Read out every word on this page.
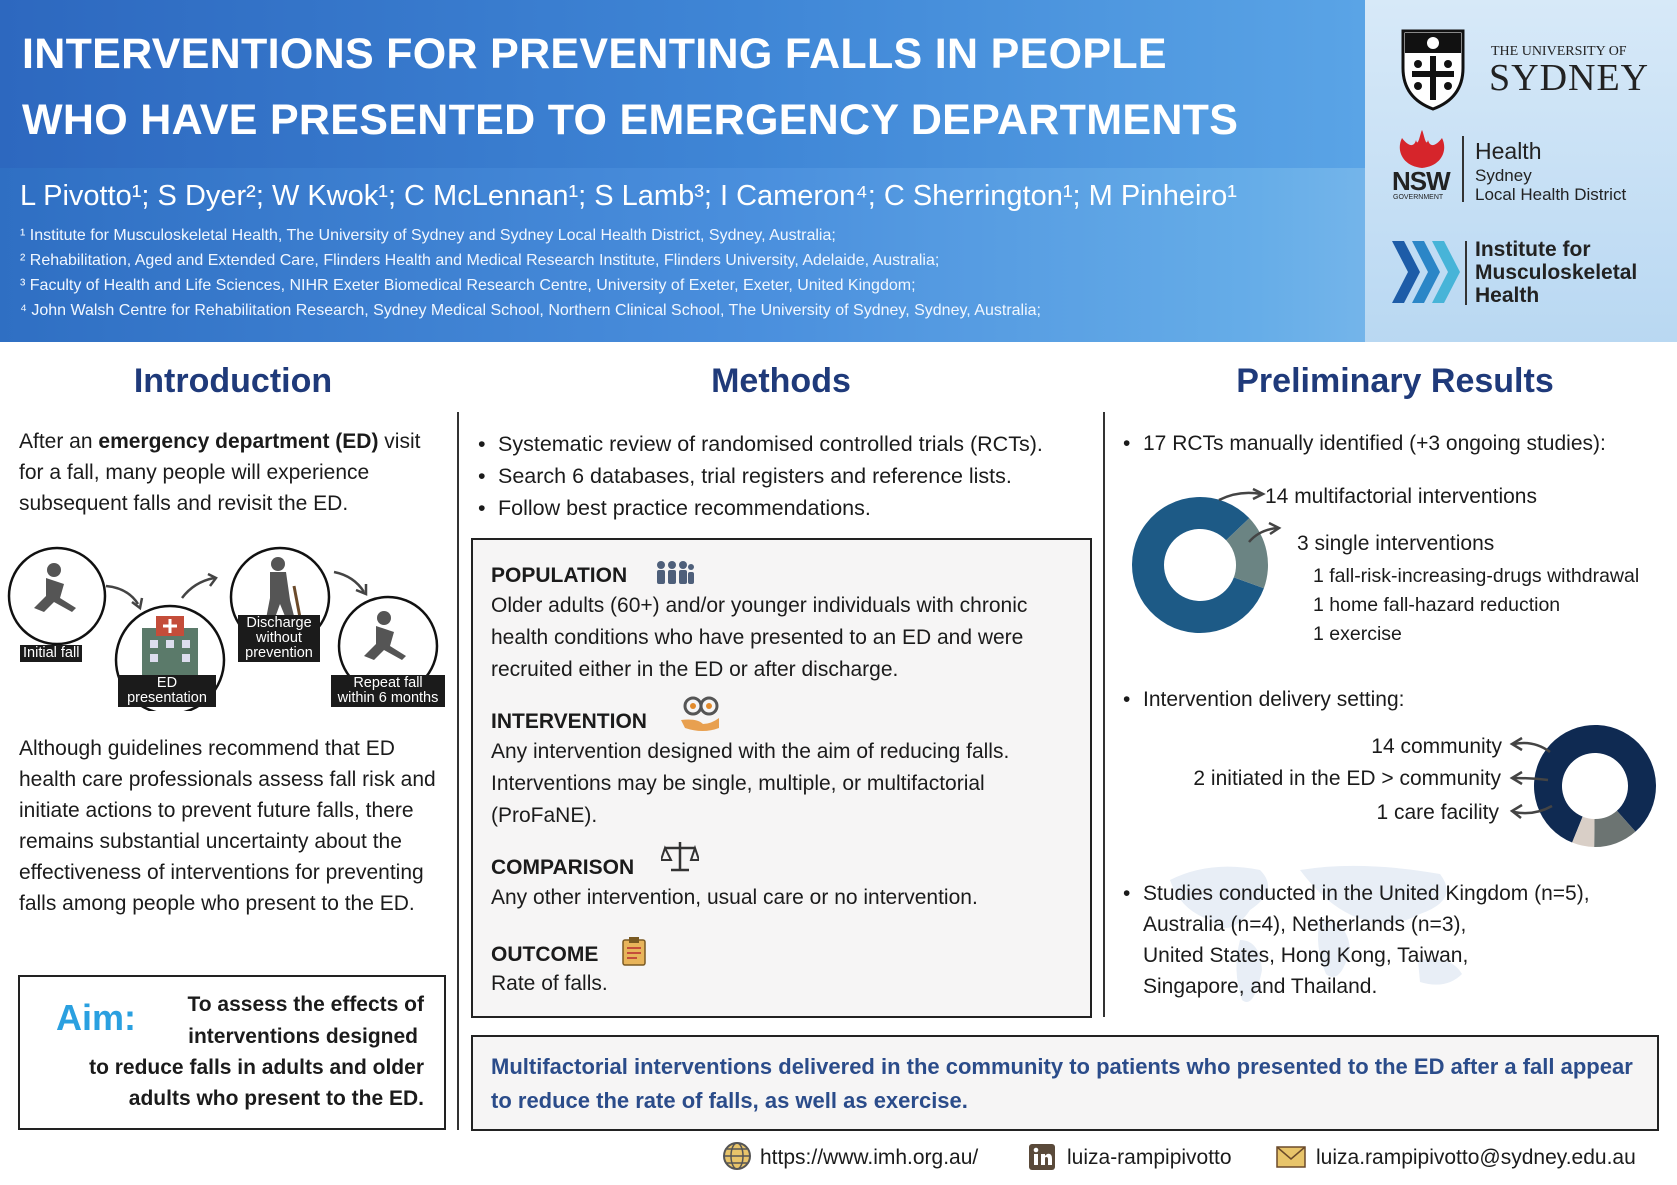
INTERVENTIONS FOR PREVENTING FALLS IN PEOPLE
WHO HAVE PRESENTED TO EMERGENCY DEPARTMENTS
L Pivotto¹; S Dyer²; W Kwok¹; C McLennan¹; S Lamb³; I Cameron⁴; C Sherrington¹; M Pinheiro¹
¹ Institute for Musculoskeletal Health, The University of Sydney and Sydney Local Health District, Sydney, Australia;
² Rehabilitation, Aged and Extended Care, Flinders Health and Medical Research Institute, Flinders University, Adelaide, Australia;
³ Faculty of Health and Life Sciences, NIHR Exeter Biomedical Research Centre, University of Exeter, Exeter, United Kingdom;
⁴ John Walsh Centre for Rehabilitation Research, Sydney Medical School, Northern Clinical School, The University of Sydney, Sydney, Australia;
THE UNIVERSITY OF
SYDNEY
NSW
GOVERNMENT
Health
Sydney
Local Health District
Institute for
Musculoskeletal
Health
Introduction
After an emergency department (ED) visit for a fall, many people will experience subsequent falls and revisit the ED.
Initial fall
ED
presentation
Discharge
without
prevention
Repeat fall
within 6 months
Although guidelines recommend that ED health care professionals assess fall risk and initiate actions to prevent future falls, there remains substantial uncertainty about the effectiveness of interventions for preventing falls among people who present to the ED.
Aim: To assess the effects of
interventions designed
to reduce falls in adults and older
adults who present to the ED.
Methods
• Systematic review of randomised controlled trials (RCTs).
• Search 6 databases, trial registers and reference lists.
• Follow best practice recommendations.
POPULATION
Older adults (60+) and/or younger individuals with chronic health conditions who have presented to an ED and were recruited either in the ED or after discharge.
INTERVENTION
Any intervention designed with the aim of reducing falls. Interventions may be single, multiple, or multifactorial (ProFaNE).
COMPARISON
Any other intervention, usual care or no intervention.
OUTCOME
Rate of falls.
Preliminary Results
• 17 RCTs manually identified (+3 ongoing studies):
14 multifactorial interventions
3 single interventions
1 fall-risk-increasing-drugs withdrawal
1 home fall-hazard reduction
1 exercise
• Intervention delivery setting:
14 community
2 initiated in the ED > community
1 care facility
• Studies conducted in the United Kingdom (n=5),
Australia (n=4), Netherlands (n=3),
United States, Hong Kong, Taiwan,
Singapore, and Thailand.
Multifactorial interventions delivered in the community to patients who presented to the ED after a fall appear to reduce the rate of falls, as well as exercise.
https://www.imh.org.au/	luiza-rampipivotto	luiza.rampipivotto@sydney.edu.au
